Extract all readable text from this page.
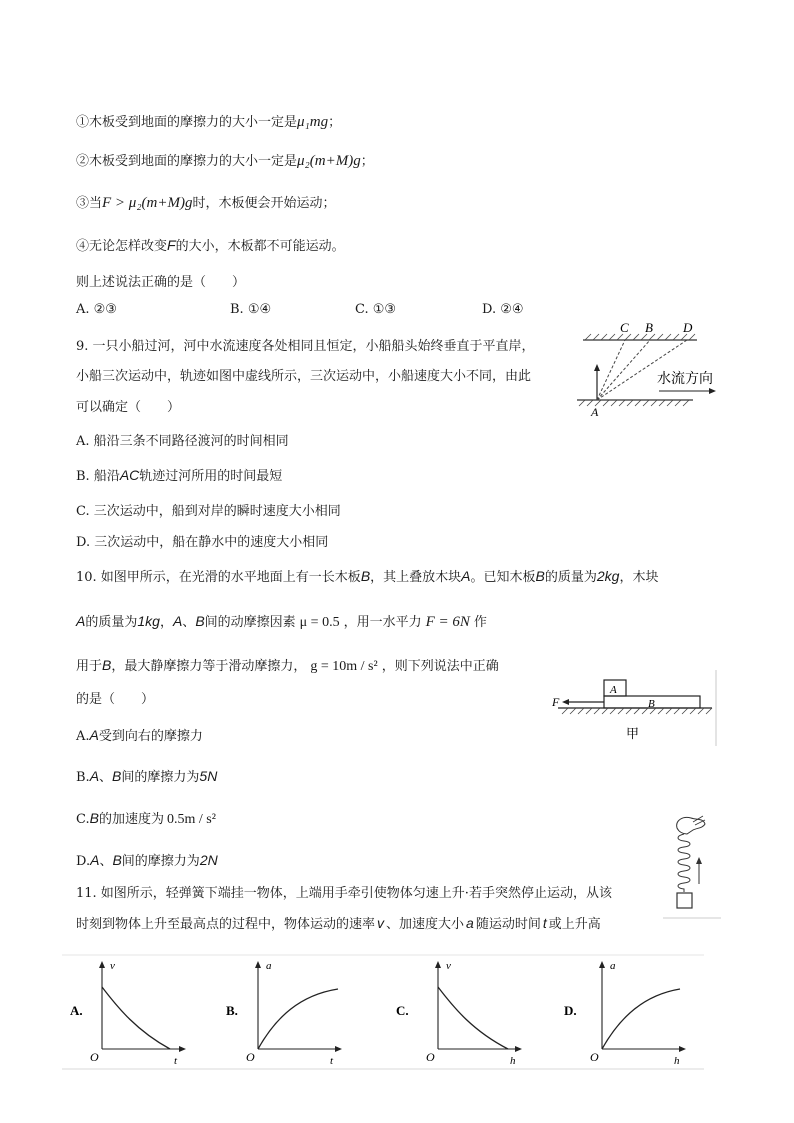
①木板受到地面的摩擦力的大小一定是μ₁mg；
②木板受到地面的摩擦力的大小一定是μ₂(m+M)g；
③当F > μ₂(m+M)g时，木板便会开始运动；
④无论怎样改变F的大小，木板都不可能运动。
则上述说法正确的是（　　）
A. ②③	B. ①④	C. ①③	D. ②④
9. 一只小船过河，河中水流速度各处相同且恒定，小船船头始终垂直于平直岸，
小船三次运动中，轨迹如图中虚线所示，三次运动中，小船速度大小不同，由此
可以确定（　　）
A. 船沿三条不同路径渡河的时间相同
B. 船沿AC轨迹过河所用的时间最短
C. 三次运动中，船到对岸的瞬时速度大小相同
D. 三次运动中，船在静水中的速度大小相同
C B D
A
水流方向
10. 如图甲所示，在光滑的水平地面上有一长木板B，其上叠放木块A。已知木板B的质量为2kg，木块
A的质量为1kg，A、B间的动摩擦因素 μ = 0.5 ，用一水平力 F = 6N 作
用于B，最大静摩擦力等于滑动摩擦力， g = 10m / s² ，则下列说法中正确
的是（　　）
A.A受到向右的摩擦力
B.A、B间的摩擦力为5N
C.B的加速度为 0.5m / s²
D.A、B间的摩擦力为2N
A
B
F
甲
11. 如图所示，轻弹簧下端挂一物体，上端用手牵引使物体匀速上升·若手突然停止运动，从该
时刻到物体上升至最高点的过程中，物体运动的速率 v 、加速度大小 a 随运动时间 t 或上升高
A.
v
t
O
B.
a
t
O
C.
v
h
O
D.
a
h
O
